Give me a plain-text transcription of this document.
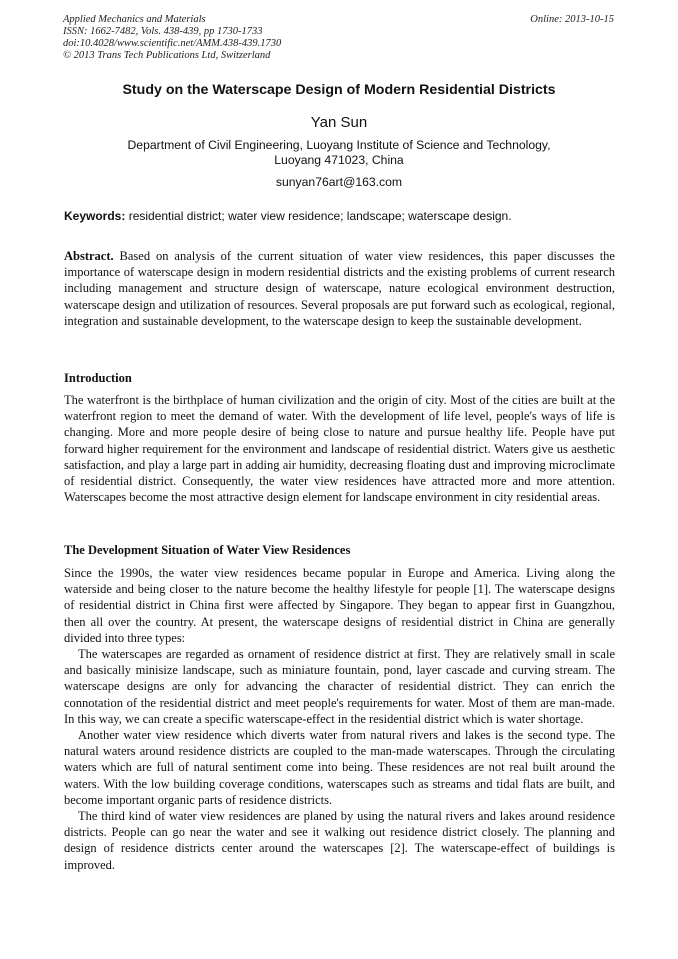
Applied Mechanics and Materials
ISSN: 1662-7482, Vols. 438-439, pp 1730-1733
doi:10.4028/www.scientific.net/AMM.438-439.1730
© 2013 Trans Tech Publications Ltd, Switzerland
Online: 2013-10-15
Study on the Waterscape Design of Modern Residential Districts
Yan Sun
Department of Civil Engineering, Luoyang Institute of Science and Technology,
Luoyang 471023, China
sunyan76art@163.com
Keywords: residential district; water view residence; landscape; waterscape design.

Abstract. Based on analysis of the current situation of water view residences, this paper discusses the importance of waterscape design in modern residential districts and the existing problems of current research including management and structure design of waterscape, nature ecological environment destruction, waterscape design and utilization of resources. Several proposals are put forward such as ecological, regional, integration and sustainable development, to the waterscape design to keep the sustainable development.

Introduction

The waterfront is the birthplace of human civilization and the origin of city. Most of the cities are built at the waterfront region to meet the demand of water. With the development of life level, people's ways of life is changing. More and more people desire of being close to nature and pursue healthy life. People have put forward higher requirement for the environment and landscape of residential district. Waters give us aesthetic satisfaction, and play a large part in adding air humidity, decreasing floating dust and improving microclimate of residential district. Consequently, the water view residences have attracted more and more attention. Waterscapes become the most attractive design element for landscape environment in city residential areas.

The Development Situation of Water View Residences

Since the 1990s, the water view residences became popular in Europe and America. Living along the waterside and being closer to the nature become the healthy lifestyle for people [1]. The waterscape designs of residential district in China first were affected by Singapore. They began to appear first in Guangzhou, then all over the country. At present, the waterscape designs of residential district in China are generally divided into three types:

The waterscapes are regarded as ornament of residence district at first. They are relatively small in scale and basically minisize landscape, such as miniature fountain, pond, layer cascade and curving stream. The waterscape designs are only for advancing the character of residential district. They can enrich the connotation of the residential district and meet people's requirements for water. Most of them are man-made. In this way, we can create a specific waterscape-effect in the residential district which is water shortage.

Another water view residence which diverts water from natural rivers and lakes is the second type. The natural waters around residence districts are coupled to the man-made waterscapes. Through the circulating waters which are full of natural sentiment come into being. These residences are not real built around the waters. With the low building coverage conditions, waterscapes such as streams and tidal flats are built, and become important organic parts of residence districts.

The third kind of water view residences are planed by using the natural rivers and lakes around residence districts. People can go near the water and see it walking out residence district closely. The planning and design of residence districts center around the waterscapes [2]. The waterscape-effect of buildings is improved.
